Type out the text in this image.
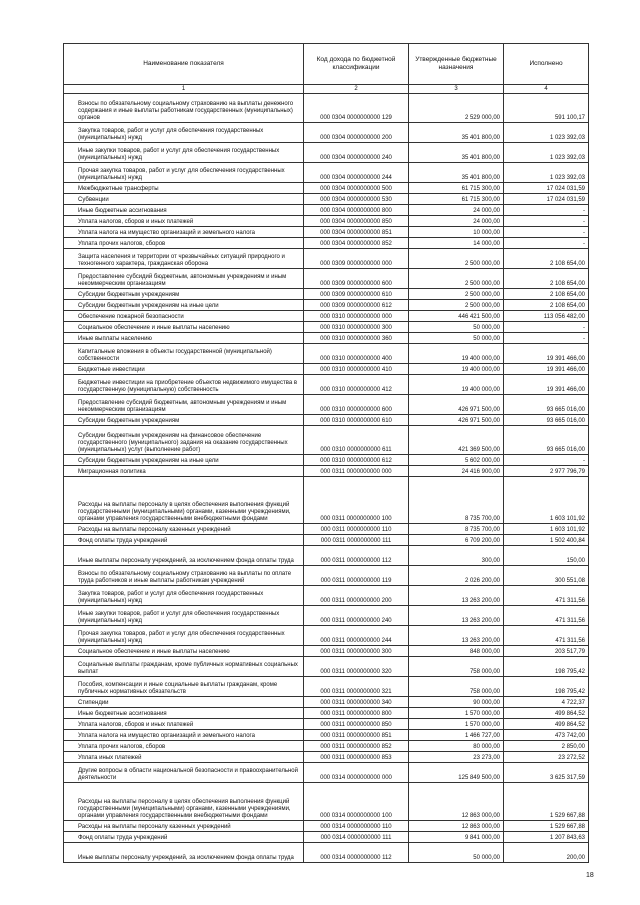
Наименование показателя	Код дохода по бюджетной классификации	Утвержденные бюджетные назначения	Исполнено
1	2	3	4
Взносы по обязательному социальному страхованию на выплаты денежного содержания и иные выплаты работникам государственных (муниципальных) органов	000 0304 0000000000 129	2 529 000,00	591 100,17
Закупка товаров, работ и услуг для обеспечения государственных (муниципальных) нужд	000 0304 0000000000 200	35 401 800,00	1 023 392,03
Иные закупки товаров, работ и услуг для обеспечения государственных (муниципальных) нужд	000 0304 0000000000 240	35 401 800,00	1 023 392,03
Прочая закупка товаров, работ и услуг для обеспечения государственных (муниципальных) нужд	000 0304 0000000000 244	35 401 800,00	1 023 392,03
Межбюджетные трансферты	000 0304 0000000000 500	61 715 300,00	17 024 031,59
Субвенции	000 0304 0000000000 530	61 715 300,00	17 024 031,59
Иные бюджетные ассигнования	000 0304 0000000000 800	24 000,00	-
Уплата налогов, сборов и иных платежей	000 0304 0000000000 850	24 000,00	-
Уплата налога на имущество организаций и земельного налога	000 0304 0000000000 851	10 000,00	-
Уплата прочих налогов, сборов	000 0304 0000000000 852	14 000,00	-
Защита населения и территории от чрезвычайных ситуаций природного и техногенного характера, гражданская оборона	000 0309 0000000000 000	2 500 000,00	2 108 654,00
Предоставление субсидий бюджетным, автономным учреждениям и иным некоммерческим организациям	000 0309 0000000000 600	2 500 000,00	2 108 654,00
Субсидии бюджетным учреждениям	000 0309 0000000000 610	2 500 000,00	2 108 654,00
Субсидии бюджетным учреждениям на иные цели	000 0309 0000000000 612	2 500 000,00	2 108 654,00
Обеспечение пожарной безопасности	000 0310 0000000000 000	446 421 500,00	113 056 482,00
Социальное обеспечение и иные выплаты населению	000 0310 0000000000 300	50 000,00	-
Иные выплаты населению	000 0310 0000000000 360	50 000,00	-
Капитальные вложения в объекты государственной (муниципальной) собственности	000 0310 0000000000 400	19 400 000,00	19 391 466,00
Бюджетные инвестиции	000 0310 0000000000 410	19 400 000,00	19 391 466,00
Бюджетные инвестиции на приобретение объектов недвижимого имущества в государственную (муниципальную) собственность	000 0310 0000000000 412	19 400 000,00	19 391 466,00
Предоставление субсидий бюджетным, автономным учреждениям и иным некоммерческим организациям	000 0310 0000000000 600	426 971 500,00	93 665 016,00
Субсидии бюджетным учреждениям	000 0310 0000000000 610	426 971 500,00	93 665 016,00
Субсидии бюджетным учреждениям на финансовое обеспечение государственного (муниципального) задания на оказание государственных (муниципальных) услуг (выполнение работ)	000 0310 0000000000 611	421 369 500,00	93 665 016,00
Субсидии бюджетным учреждениям на иные цели	000 0310 0000000000 612	5 602 000,00	-
Миграционная политика	000 0311 0000000000 000	24 416 900,00	2 977 796,79
Расходы на выплаты персоналу в целях обеспечения выполнения функций государственными (муниципальными) органами, казенными учреждениями, органами управления государственными внебюджетными фондами	000 0311 0000000000 100	8 735 700,00	1 603 101,92
Расходы на выплаты персоналу казенных учреждений	000 0311 0000000000 110	8 735 700,00	1 603 101,92
Фонд оплаты труда учреждений	000 0311 0000000000 111	6 709 200,00	1 502 400,84
Иные выплаты персоналу учреждений, за исключением фонда оплаты труда	000 0311 0000000000 112	300,00	150,00
Взносы по обязательному социальному страхованию на выплаты по оплате труда работников и иные выплаты работникам учреждений	000 0311 0000000000 119	2 026 200,00	300 551,08
Закупка товаров, работ и услуг для обеспечения государственных (муниципальных) нужд	000 0311 0000000000 200	13 263 200,00	471 311,56
Иные закупки товаров, работ и услуг для обеспечения государственных (муниципальных) нужд	000 0311 0000000000 240	13 263 200,00	471 311,56
Прочая закупка товаров, работ и услуг для обеспечения государственных (муниципальных) нужд	000 0311 0000000000 244	13 263 200,00	471 311,56
Социальное обеспечение и иные выплаты населению	000 0311 0000000000 300	848 000,00	203 517,79
Социальные выплаты гражданам, кроме публичных нормативных социальных выплат	000 0311 0000000000 320	758 000,00	198 795,42
Пособия, компенсации и иные социальные выплаты гражданам, кроме публичных нормативных обязательств	000 0311 0000000000 321	758 000,00	198 795,42
Стипендии	000 0311 0000000000 340	90 000,00	4 722,37
Иные бюджетные ассигнования	000 0311 0000000000 800	1 570 000,00	499 864,52
Уплата налогов, сборов и иных платежей	000 0311 0000000000 850	1 570 000,00	499 864,52
Уплата налога на имущество организаций и земельного налога	000 0311 0000000000 851	1 466 727,00	473 742,00
Уплата прочих налогов, сборов	000 0311 0000000000 852	80 000,00	2 850,00
Уплата иных платежей	000 0311 0000000000 853	23 273,00	23 272,52
Другие вопросы в области национальной безопасности и правоохранительной деятельности	000 0314 0000000000 000	125 849 500,00	3 625 317,59
Расходы на выплаты персоналу в целях обеспечения выполнения функций государственными (муниципальными) органами, казенными учреждениями, органами управления государственными внебюджетными фондами	000 0314 0000000000 100	12 863 000,00	1 529 667,88
Расходы на выплаты персоналу казенных учреждений	000 0314 0000000000 110	12 863 000,00	1 529 667,88
Фонд оплаты труда учреждений	000 0314 0000000000 111	9 841 000,00	1 207 843,63
Иные выплаты персоналу учреждений, за исключением фонда оплаты труда	000 0314 0000000000 112	50 000,00	200,00
18
